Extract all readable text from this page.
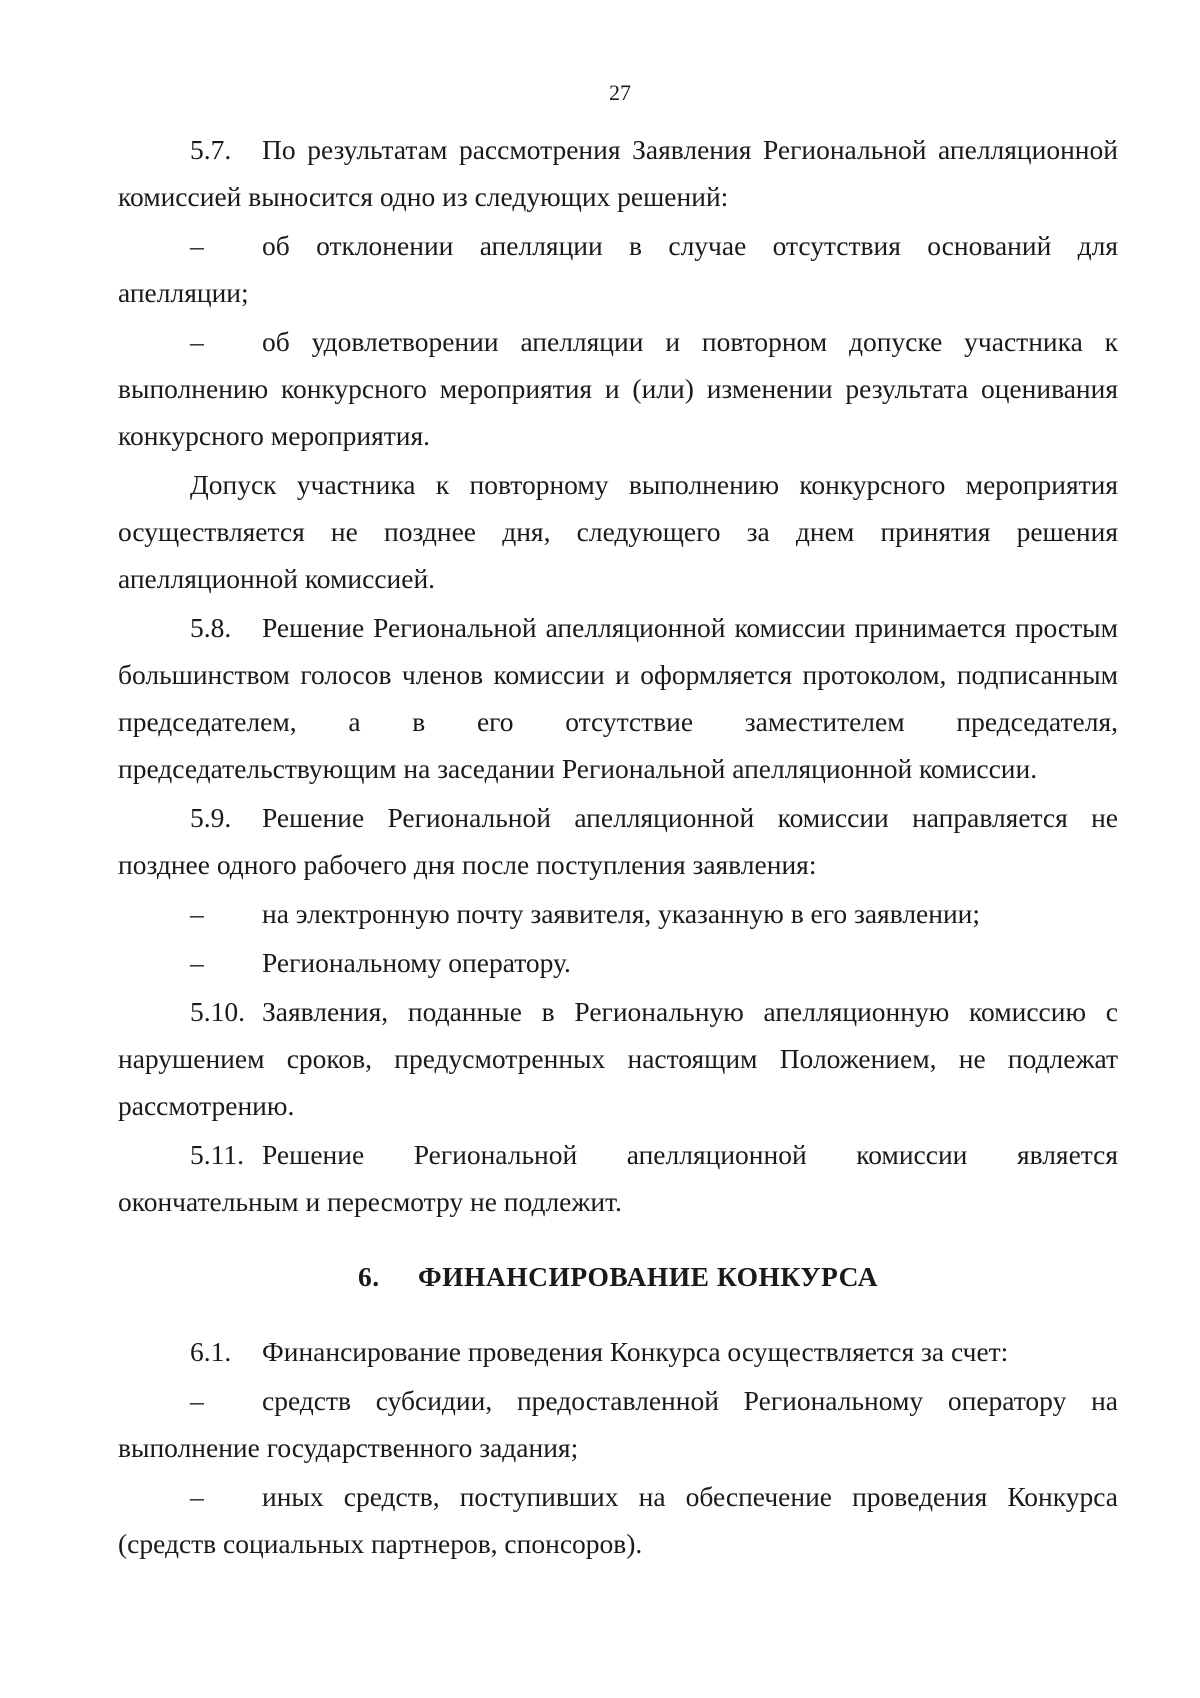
27

5.7. По результатам рассмотрения Заявления Региональной апелляционной комиссией выносится одно из следующих решений:

– об отклонении апелляции в случае отсутствия оснований для апелляции;

– об удовлетворении апелляции и повторном допуске участника к выполнению конкурсного мероприятия и (или) изменении результата оценивания конкурсного мероприятия.

Допуск участника к повторному выполнению конкурсного мероприятия осуществляется не позднее дня, следующего за днем принятия решения апелляционной комиссией.

5.8. Решение Региональной апелляционной комиссии принимается простым большинством голосов членов комиссии и оформляется протоколом, подписанным председателем, а в его отсутствие заместителем председателя, председательствующим на заседании Региональной апелляционной комиссии.

5.9. Решение Региональной апелляционной комиссии направляется не позднее одного рабочего дня после поступления заявления:

– на электронную почту заявителя, указанную в его заявлении;

– Региональному оператору.

5.10. Заявления, поданные в Региональную апелляционную комиссию с нарушением сроков, предусмотренных настоящим Положением, не подлежат рассмотрению.

5.11. Решение Региональной апелляционной комиссии является окончательным и пересмотру не подлежит.

6. ФИНАНСИРОВАНИЕ КОНКУРСА

6.1. Финансирование проведения Конкурса осуществляется за счет:

– средств субсидии, предоставленной Региональному оператору на выполнение государственного задания;

– иных средств, поступивших на обеспечение проведения Конкурса (средств социальных партнеров, спонсоров).
